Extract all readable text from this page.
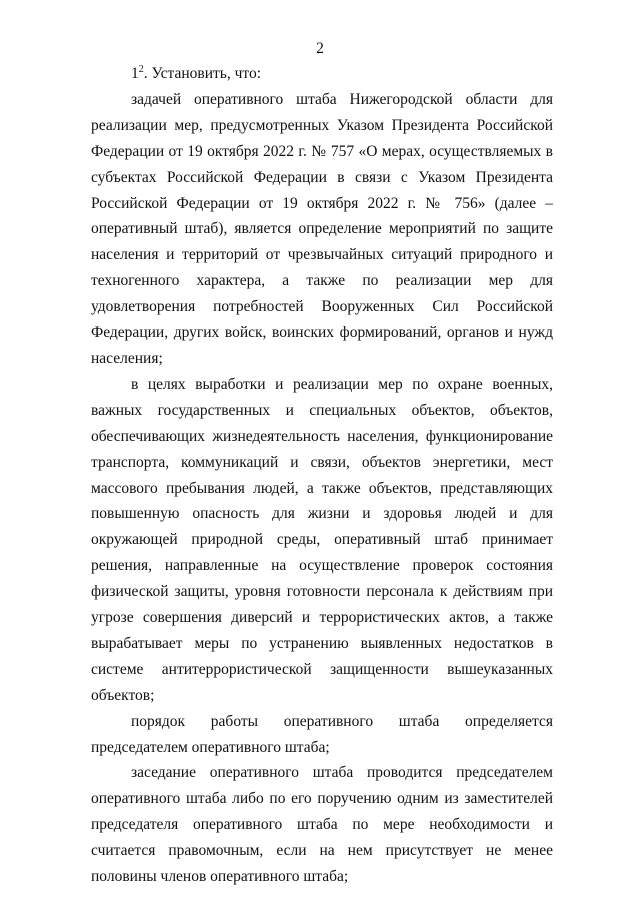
2

$1^2$. Установить, что:

задачей оперативного штаба Нижегородской области для реализации мер, предусмотренных Указом Президента Российской Федерации от 19 октября 2022 г. № 757 «О мерах, осуществляемых в субъектах Российской Федерации в связи с Указом Президента Российской Федерации от 19 октября 2022 г. № 756» (далее – оперативный штаб), является определение мероприятий по защите населения и территорий от чрезвычайных ситуаций природного и техногенного характера, а также по реализации мер для удовлетворения потребностей Вооруженных Сил Российской Федерации, других войск, воинских формирований, органов и нужд населения;

в целях выработки и реализации мер по охране военных, важных государственных и специальных объектов, объектов, обеспечивающих жизнедеятельность населения, функционирование транспорта, коммуникаций и связи, объектов энергетики, мест массового пребывания людей, а также объектов, представляющих повышенную опасность для жизни и здоровья людей и для окружающей природной среды, оперативный штаб принимает решения, направленные на осуществление проверок состояния физической защиты, уровня готовности персонала к действиям при угрозе совершения диверсий и террористических актов, а также вырабатывает меры по устранению выявленных недостатков в системе антитеррористической защищенности вышеуказанных объектов;

порядок работы оперативного штаба определяется председателем оперативного штаба;

заседание оперативного штаба проводится председателем оперативного штаба либо по его поручению одним из заместителей председателя оперативного штаба по мере необходимости и считается правомочным, если на нем присутствует не менее половины членов оперативного штаба;
